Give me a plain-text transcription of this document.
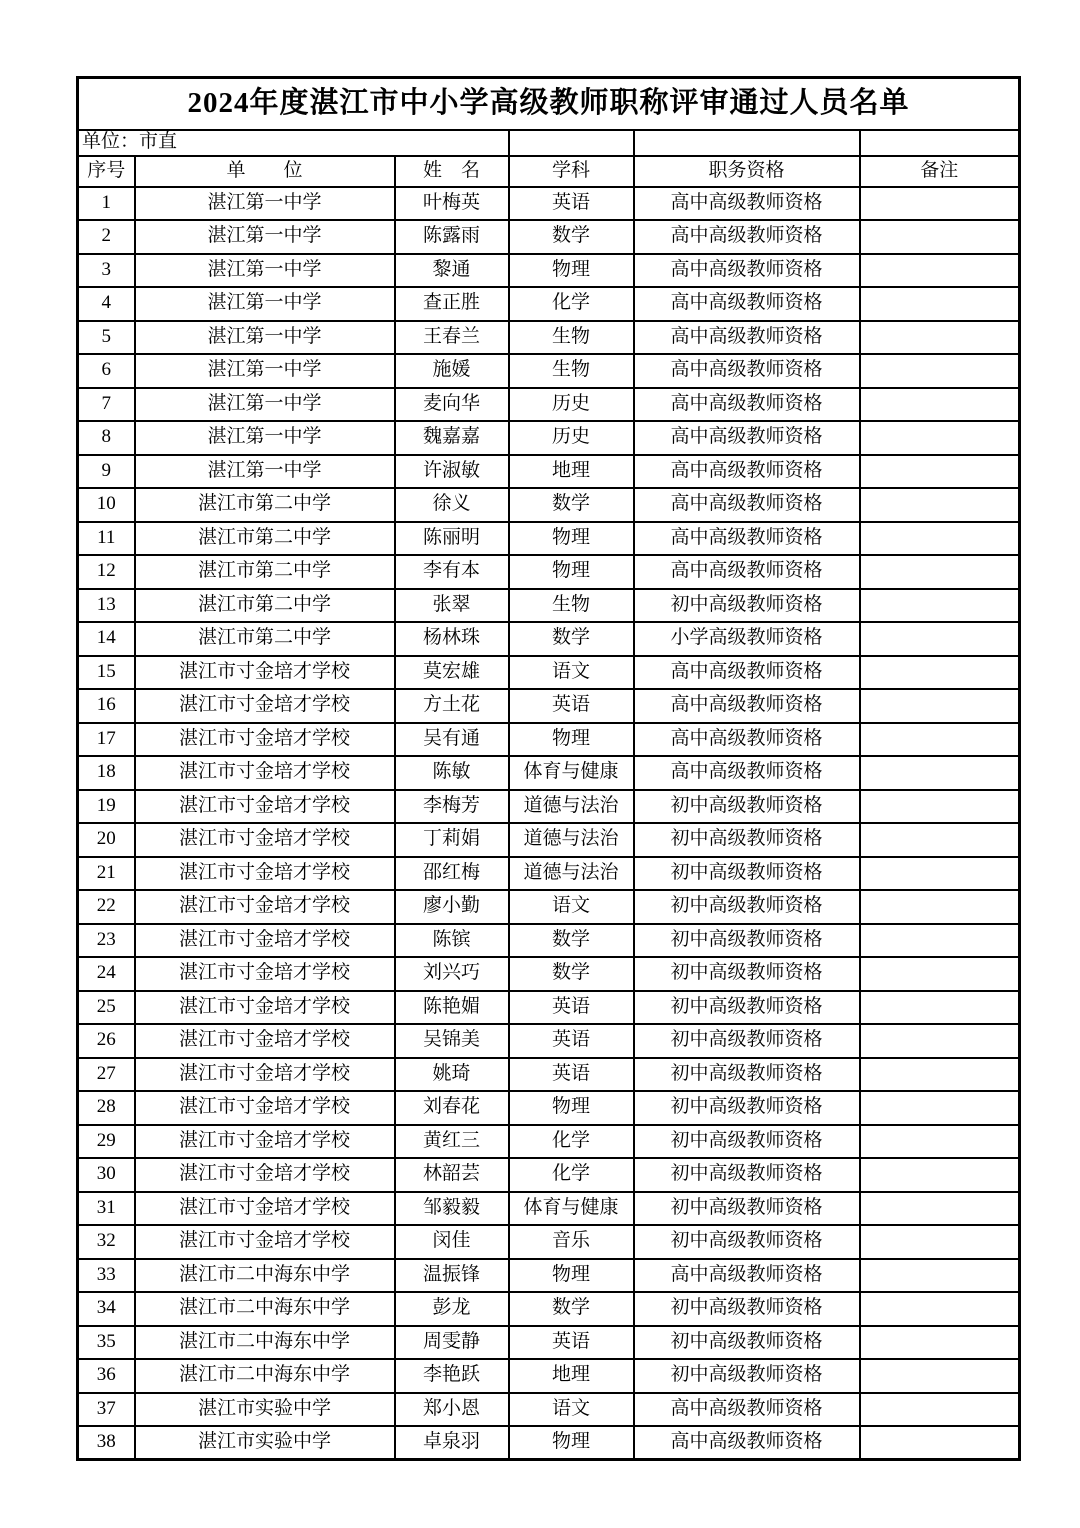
2024年度湛江市中小学高级教师职称评审通过人员名单					
单位：市直					
序号	单　　位	姓　名	学科	职务资格	备注
1	湛江第一中学	叶梅英	英语	高中高级教师资格	
2	湛江第一中学	陈露雨	数学	高中高级教师资格	
3	湛江第一中学	黎通	物理	高中高级教师资格	
4	湛江第一中学	查正胜	化学	高中高级教师资格	
5	湛江第一中学	王春兰	生物	高中高级教师资格	
6	湛江第一中学	施媛	生物	高中高级教师资格	
7	湛江第一中学	麦向华	历史	高中高级教师资格	
8	湛江第一中学	魏嘉嘉	历史	高中高级教师资格	
9	湛江第一中学	许淑敏	地理	高中高级教师资格	
10	湛江市第二中学	徐义	数学	高中高级教师资格	
11	湛江市第二中学	陈丽明	物理	高中高级教师资格	
12	湛江市第二中学	李有本	物理	高中高级教师资格	
13	湛江市第二中学	张翠	生物	初中高级教师资格	
14	湛江市第二中学	杨林珠	数学	小学高级教师资格	
15	湛江市寸金培才学校	莫宏雄	语文	高中高级教师资格	
16	湛江市寸金培才学校	方土花	英语	高中高级教师资格	
17	湛江市寸金培才学校	吴有通	物理	高中高级教师资格	
18	湛江市寸金培才学校	陈敏	体育与健康	高中高级教师资格	
19	湛江市寸金培才学校	李梅芳	道德与法治	初中高级教师资格	
20	湛江市寸金培才学校	丁莉娟	道德与法治	初中高级教师资格	
21	湛江市寸金培才学校	邵红梅	道德与法治	初中高级教师资格	
22	湛江市寸金培才学校	廖小勤	语文	初中高级教师资格	
23	湛江市寸金培才学校	陈镔	数学	初中高级教师资格	
24	湛江市寸金培才学校	刘兴巧	数学	初中高级教师资格	
25	湛江市寸金培才学校	陈艳媚	英语	初中高级教师资格	
26	湛江市寸金培才学校	吴锦美	英语	初中高级教师资格	
27	湛江市寸金培才学校	姚琦	英语	初中高级教师资格	
28	湛江市寸金培才学校	刘春花	物理	初中高级教师资格	
29	湛江市寸金培才学校	黄红三	化学	初中高级教师资格	
30	湛江市寸金培才学校	林韶芸	化学	初中高级教师资格	
31	湛江市寸金培才学校	邹毅毅	体育与健康	初中高级教师资格	
32	湛江市寸金培才学校	闵佳	音乐	初中高级教师资格	
33	湛江市二中海东中学	温振锋	物理	高中高级教师资格	
34	湛江市二中海东中学	彭龙	数学	初中高级教师资格	
35	湛江市二中海东中学	周雯静	英语	初中高级教师资格	
36	湛江市二中海东中学	李艳跃	地理	初中高级教师资格	
37	湛江市实验中学	郑小恩	语文	高中高级教师资格	
38	湛江市实验中学	卓泉羽	物理	高中高级教师资格	
